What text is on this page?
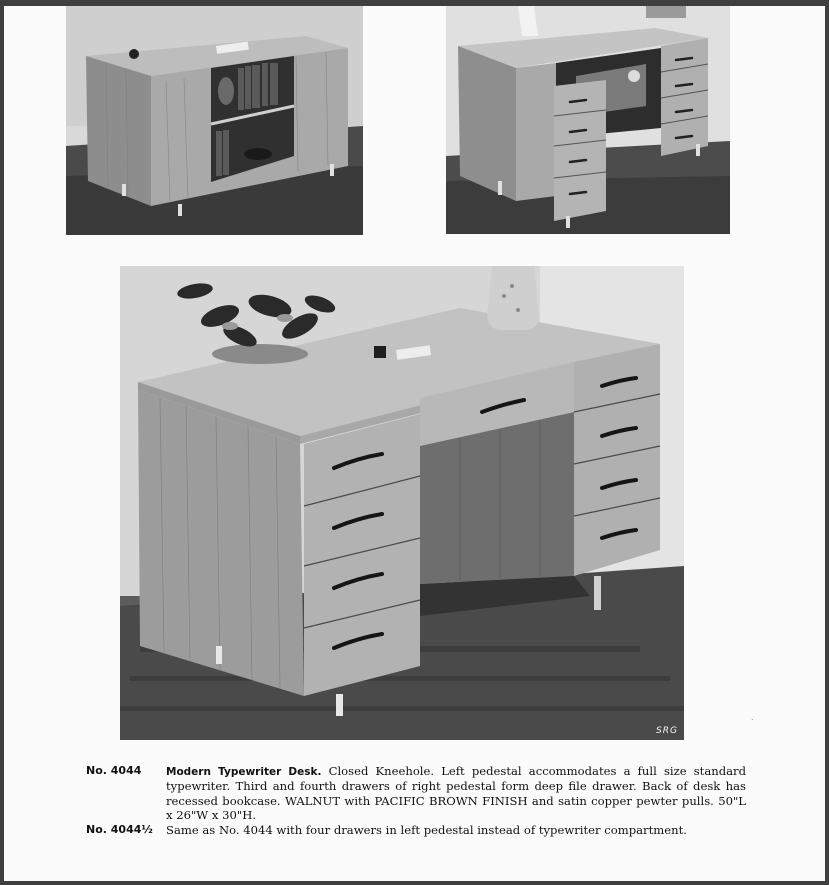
SRG
.
No. 4044	Modern Typewriter Desk. Closed Kneehole. Left pedestal accommodates a full size standard typewriter. Third and fourth drawers of right pedestal form deep file drawer. Back of desk has recessed bookcase. WALNUT with PACIFIC BROWN FINISH and satin copper pewter pulls. 50"L x 26"W x 30"H.
No. 4044½	Same as No. 4044 with four drawers in left pedestal instead of typewriter compartment.
